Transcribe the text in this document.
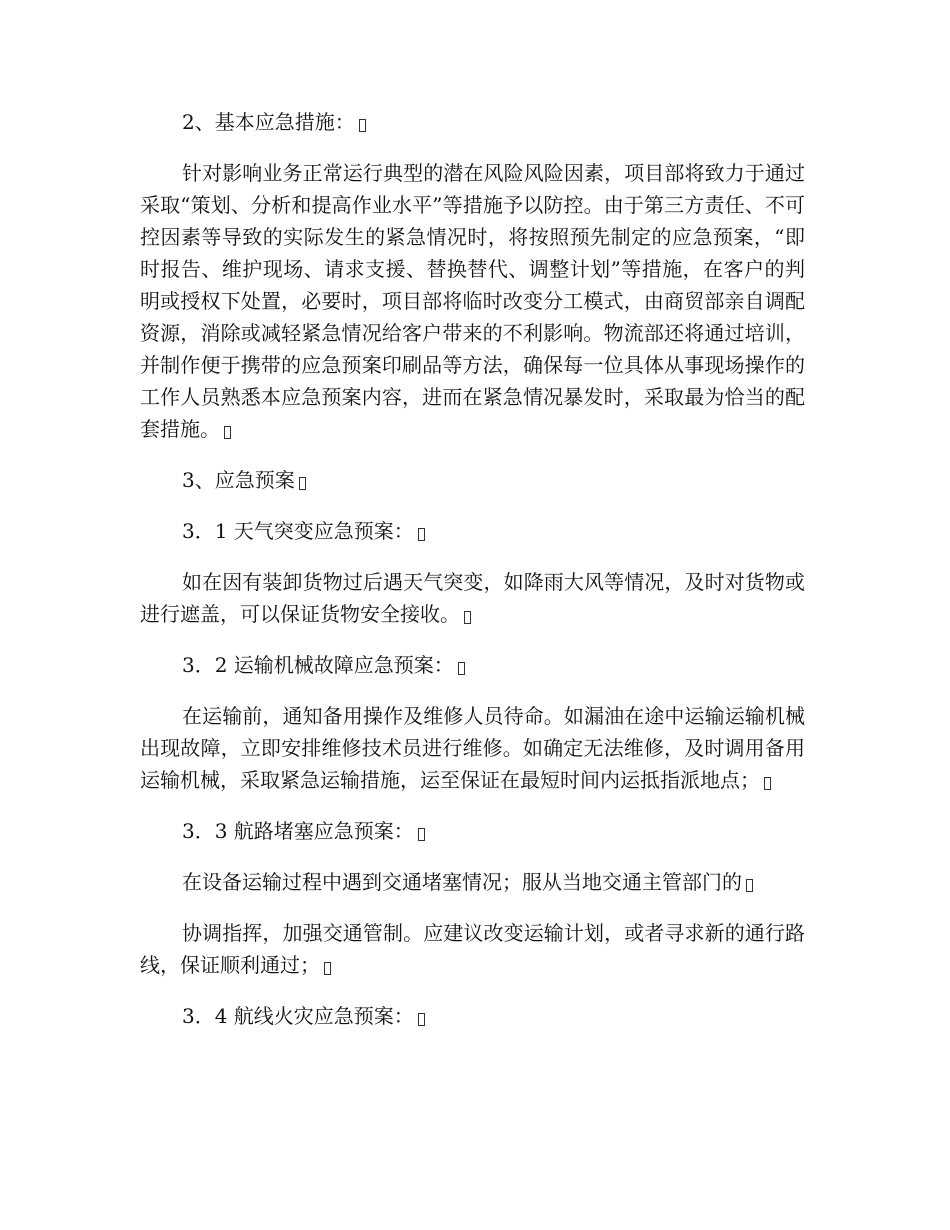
2、基本应急措施：
针对影响业务正常运行典型的潜在风险风险因素，项目部将致力于通过采取“策划、分析和提高作业水平”等措施予以防控。由于第三方责任、不可控因素等导致的实际发生的紧急情况时，将按照预先制定的应急预案，“即时报告、维护现场、请求支援、替换替代、调整计划”等措施，在客户的判明或授权下处置，必要时，项目部将临时改变分工模式，由商贸部亲自调配资源，消除或减轻紧急情况给客户带来的不利影响。物流部还将通过培训，并制作便于携带的应急预案印刷品等方法，确保每一位具体从事现场操作的工作人员熟悉本应急预案内容，进而在紧急情况暴发时，采取最为恰当的配套措施。
3、应急预案
3．1 天气突变应急预案：
如在因有装卸货物过后遇天气突变，如降雨大风等情况，及时对货物或进行遮盖，可以保证货物安全接收。
3．2 运输机械故障应急预案：
在运输前，通知备用操作及维修人员待命。如漏油在途中运输运输机械出现故障，立即安排维修技术员进行维修。如确定无法维修，及时调用备用运输机械，采取紧急运输措施，运至保证在最短时间内运抵指派地点；
3．3 航路堵塞应急预案：
在设备运输过程中遇到交通堵塞情况；服从当地交通主管部门的
协调指挥，加强交通管制。应建议改变运输计划，或者寻求新的通行路线，保证顺利通过；
3．4 航线火灾应急预案：
